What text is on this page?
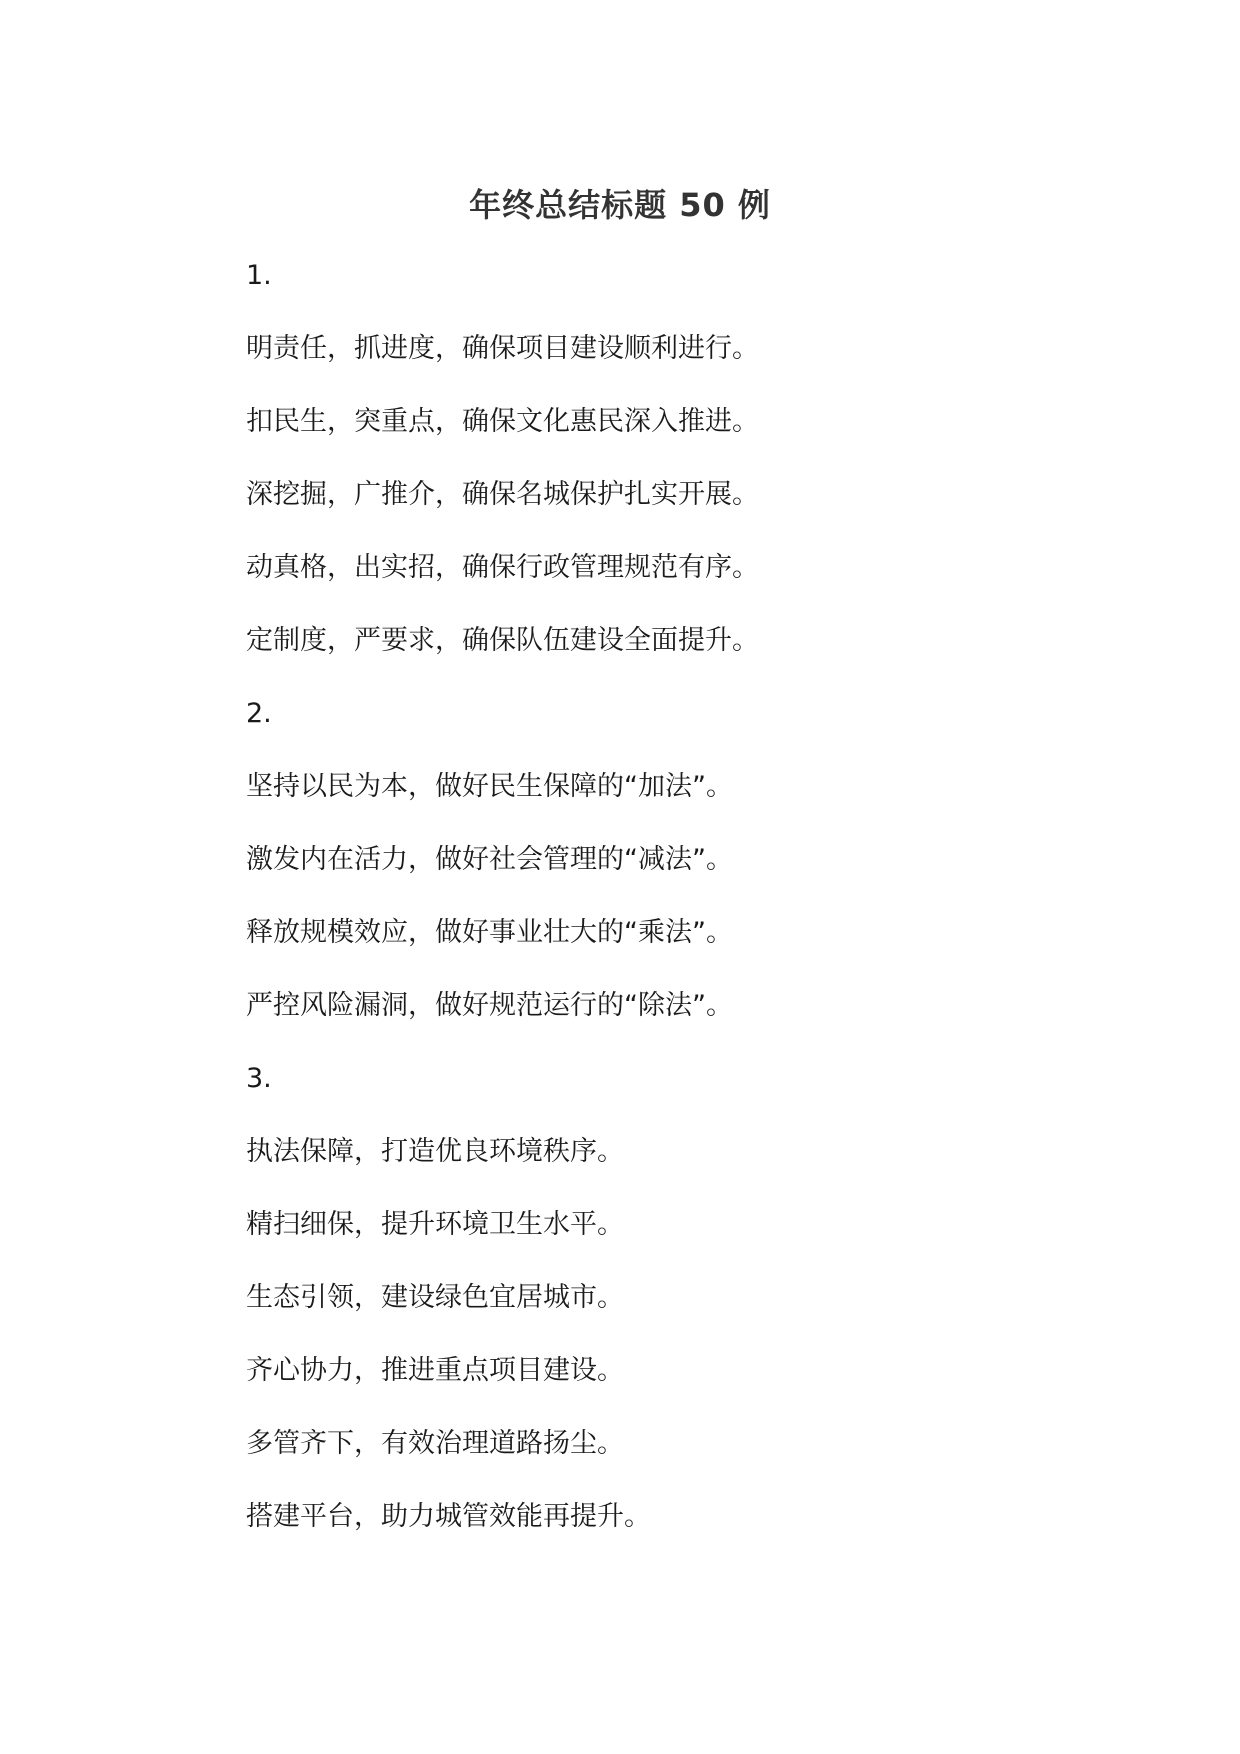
年终总结标题 50 例
1.
明责任，抓进度，确保项目建设顺利进行。
扣民生，突重点，确保文化惠民深入推进。
深挖掘，广推介，确保名城保护扎实开展。
动真格，出实招，确保行政管理规范有序。
定制度，严要求，确保队伍建设全面提升。
2.
坚持以民为本，做好民生保障的“加法”。
激发内在活力，做好社会管理的“减法”。
释放规模效应，做好事业壮大的“乘法”。
严控风险漏洞，做好规范运行的“除法”。
3.
执法保障，打造优良环境秩序。
精扫细保，提升环境卫生水平。
生态引领，建设绿色宜居城市。
齐心协力，推进重点项目建设。
多管齐下，有效治理道路扬尘。
搭建平台，助力城管效能再提升。
